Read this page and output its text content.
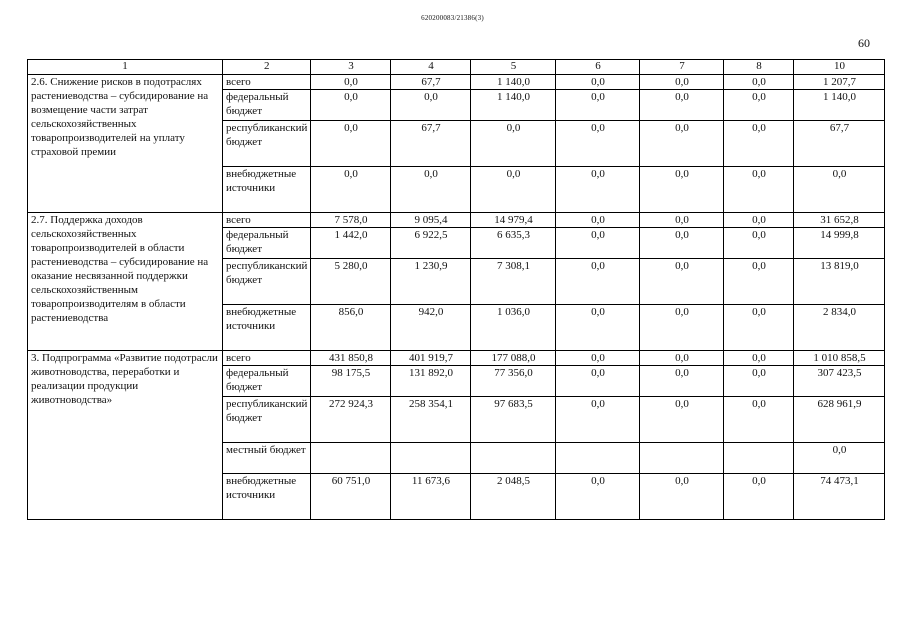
620200083/21386(3)
60
1	2	3	4	5	6	7	8	10
2.6. Снижение рисков в подотраслях растениеводства – субсидирование на возмещение части затрат сельскохозяйственных товаропроизводителей на уплату страховой премии	всего	0,0	67,7	1 140,0	0,0	0,0	0,0	1 207,7
	федеральный бюджет	0,0	0,0	1 140,0	0,0	0,0	0,0	1 140,0
	республиканский бюджет	0,0	67,7	0,0	0,0	0,0	0,0	67,7
	внебюджетные источники	0,0	0,0	0,0	0,0	0,0	0,0	0,0
2.7. Поддержка доходов сельскохозяйственных товаропроизводителей в области растениеводства – субсидирование на оказание несвязанной поддержки сельскохозяйственным товаропроизводителям в области растениеводства	всего	7 578,0	9 095,4	14 979,4	0,0	0,0	0,0	31 652,8
	федеральный бюджет	1 442,0	6 922,5	6 635,3	0,0	0,0	0,0	14 999,8
	республиканский бюджет	5 280,0	1 230,9	7 308,1	0,0	0,0	0,0	13 819,0
	внебюджетные источники	856,0	942,0	1 036,0	0,0	0,0	0,0	2 834,0
3. Подпрограмма «Развитие подотрасли животноводства, переработки и реализации продукции животноводства»	всего	431 850,8	401 919,7	177 088,0	0,0	0,0	0,0	1 010 858,5
	федеральный бюджет	98 175,5	131 892,0	77 356,0	0,0	0,0	0,0	307 423,5
	республиканский бюджет	272 924,3	258 354,1	97 683,5	0,0	0,0	0,0	628 961,9
	местный бюджет							0,0
	внебюджетные источники	60 751,0	11 673,6	2 048,5	0,0	0,0	0,0	74 473,1
